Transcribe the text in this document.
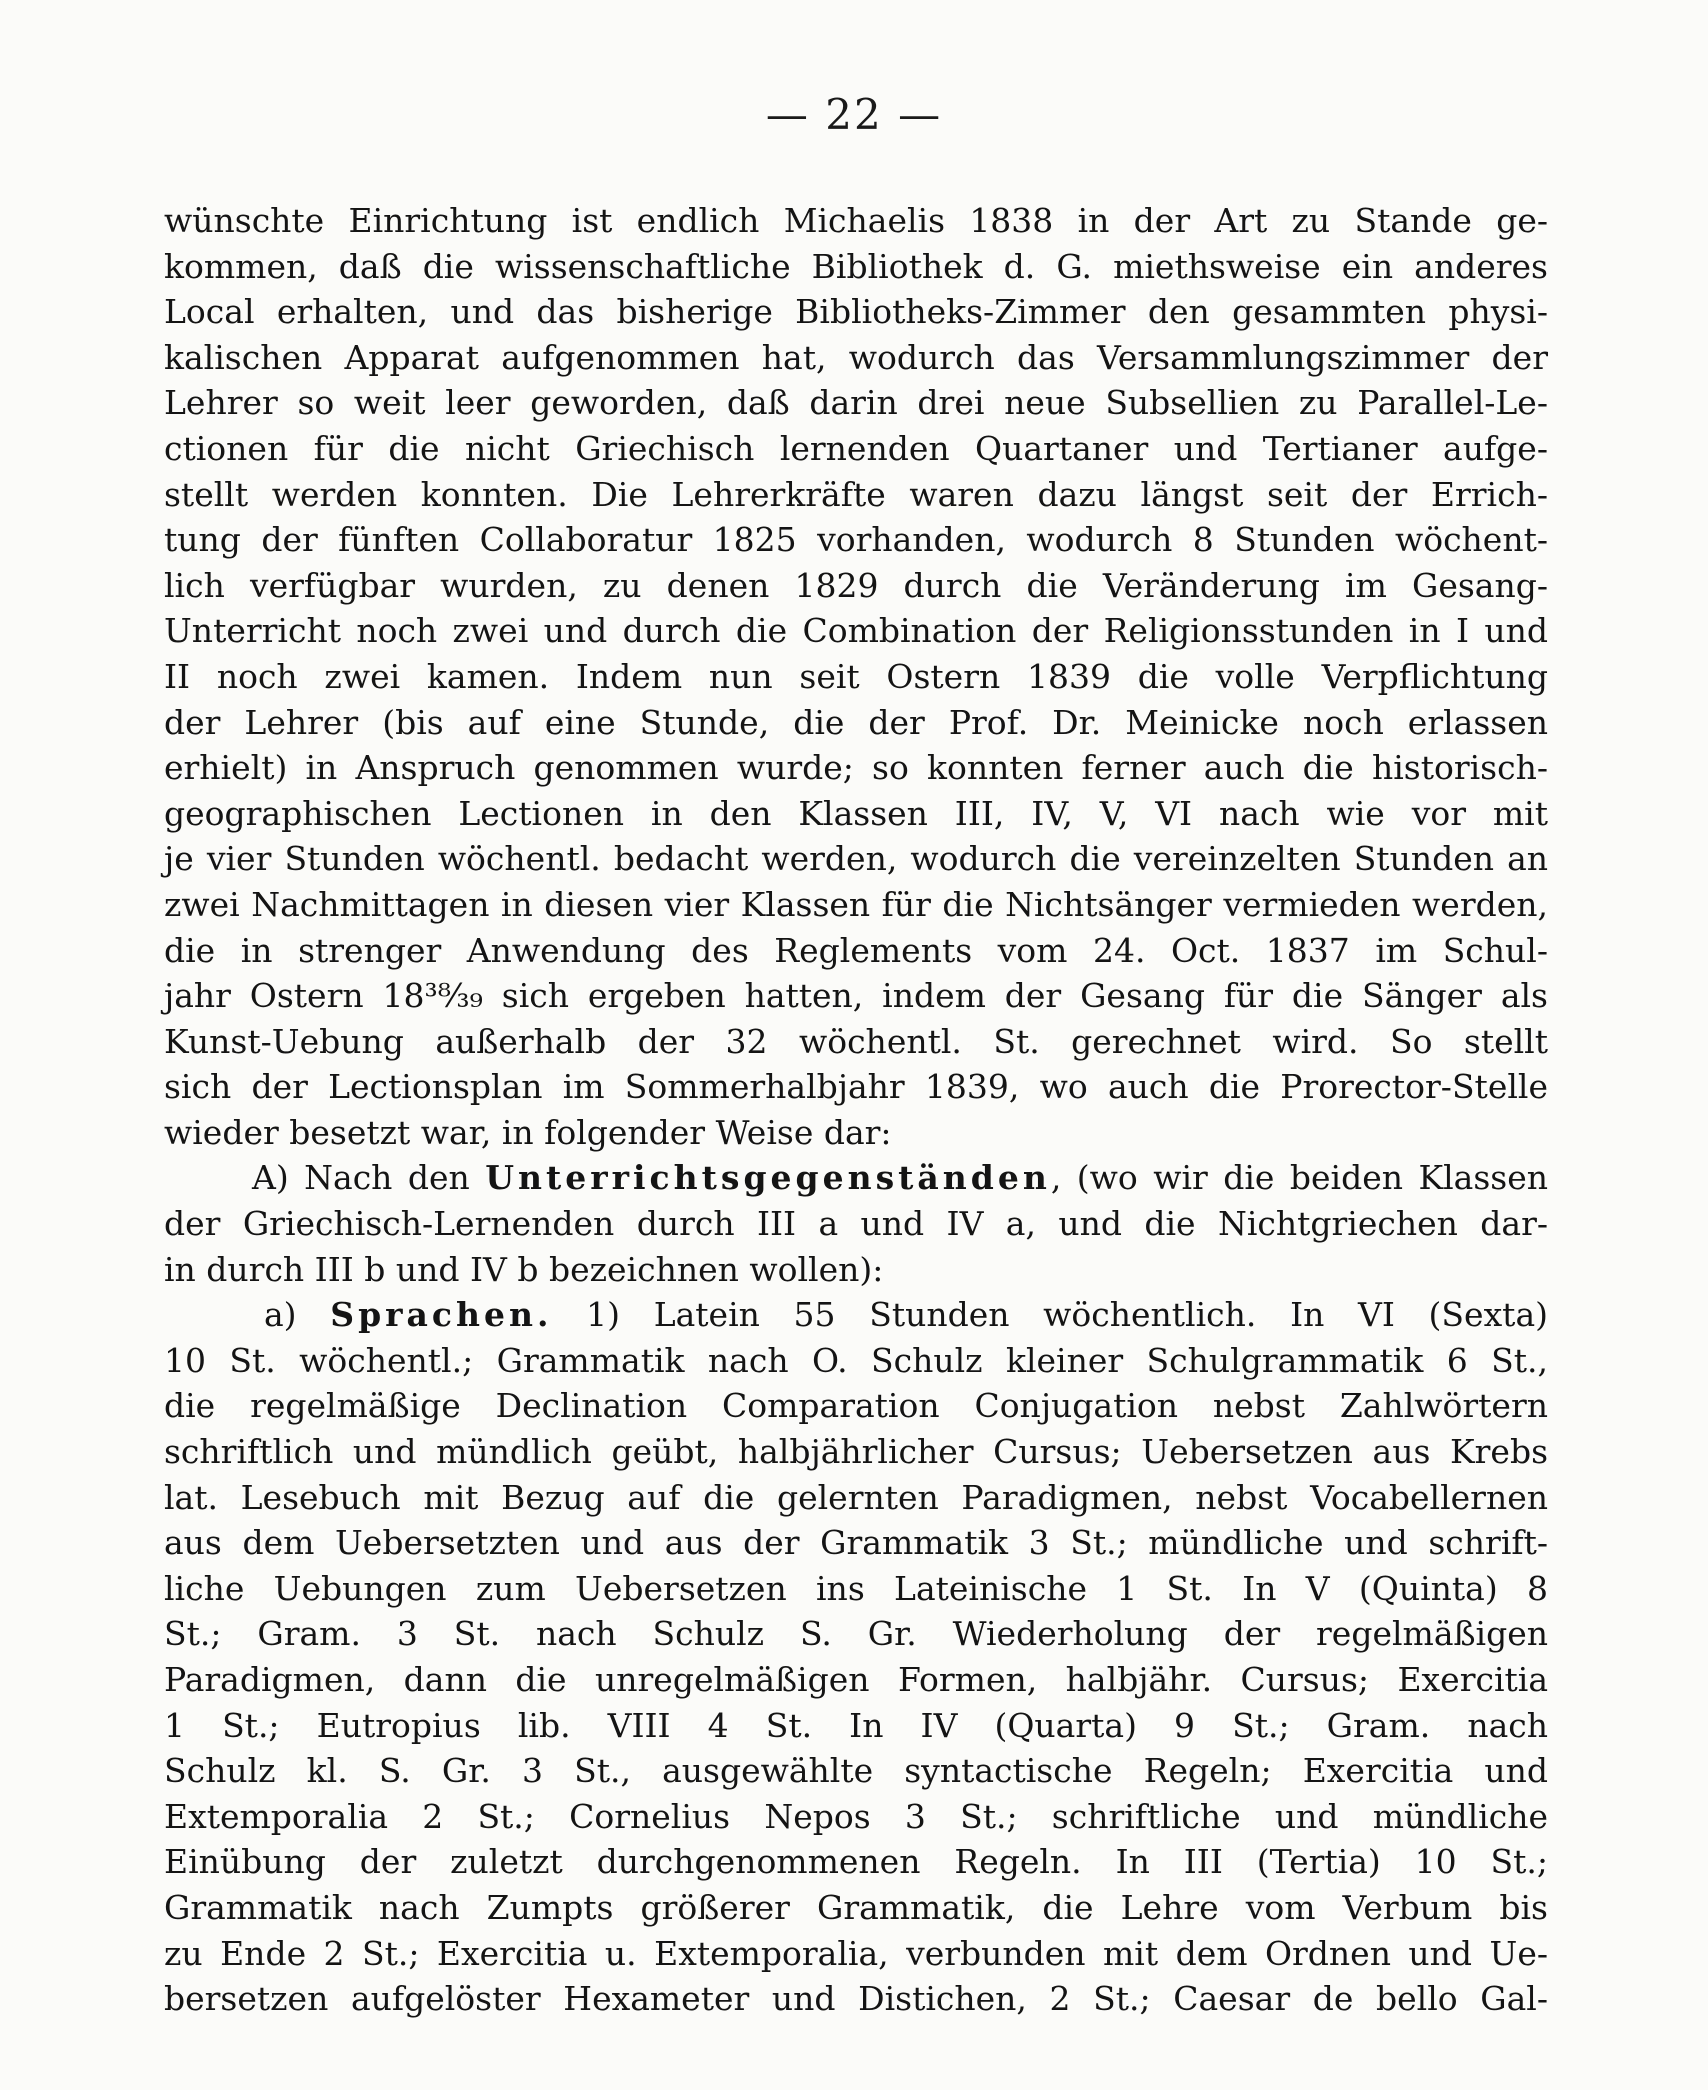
— 22 —
wünschte Einrichtung ist endlich Michaelis 1838 in der Art zu Stande ge-
kommen, daß die wissenschaftliche Bibliothek d. G. miethsweise ein anderes
Local erhalten, und das bisherige Bibliotheks-Zimmer den gesammten physi-
kalischen Apparat aufgenommen hat, wodurch das Versammlungszimmer der
Lehrer so weit leer geworden, daß darin drei neue Subsellien zu Parallel-Le-
ctionen für die nicht Griechisch lernenden Quartaner und Tertianer aufge-
stellt werden konnten. Die Lehrerkräfte waren dazu längst seit der Errich-
tung der fünften Collaboratur 1825 vorhanden, wodurch 8 Stunden wöchent-
lich verfügbar wurden, zu denen 1829 durch die Veränderung im Gesang-
Unterricht noch zwei und durch die Combination der Religionsstunden in I und
II noch zwei kamen. Indem nun seit Ostern 1839 die volle Verpflichtung
der Lehrer (bis auf eine Stunde, die der Prof. Dr. Meinicke noch erlassen
erhielt) in Anspruch genommen wurde; so konnten ferner auch die historisch-
geographischen Lectionen in den Klassen III, IV, V, VI nach wie vor mit
je vier Stunden wöchentl. bedacht werden, wodurch die vereinzelten Stunden an
zwei Nachmittagen in diesen vier Klassen für die Nichtsänger vermieden werden,
die in strenger Anwendung des Reglements vom 24. Oct. 1837 im Schul-
jahr Ostern 18³⁸⁄₃₉ sich ergeben hatten, indem der Gesang für die Sänger als
Kunst-Uebung außerhalb der 32 wöchentl. St. gerechnet wird. So stellt
sich der Lectionsplan im Sommerhalbjahr 1839, wo auch die Prorector-Stelle
wieder besetzt war, in folgender Weise dar:
A) Nach den Unterrichtsgegenständen, (wo wir die beiden Klassen
der Griechisch-Lernenden durch III a und IV a, und die Nichtgriechen dar-
in durch III b und IV b bezeichnen wollen):
a) Sprachen. 1) Latein 55 Stunden wöchentlich. In VI (Sexta)
10 St. wöchentl.; Grammatik nach O. Schulz kleiner Schulgrammatik 6 St.,
die regelmäßige Declination Comparation Conjugation nebst Zahlwörtern
schriftlich und mündlich geübt, halbjährlicher Cursus; Uebersetzen aus Krebs
lat. Lesebuch mit Bezug auf die gelernten Paradigmen, nebst Vocabellernen
aus dem Uebersetzten und aus der Grammatik 3 St.; mündliche und schrift-
liche Uebungen zum Uebersetzen ins Lateinische 1 St. In V (Quinta) 8
St.; Gram. 3 St. nach Schulz S. Gr. Wiederholung der regelmäßigen
Paradigmen, dann die unregelmäßigen Formen, halbjähr. Cursus; Exercitia
1 St.; Eutropius lib. VIII 4 St. In IV (Quarta) 9 St.; Gram. nach
Schulz kl. S. Gr. 3 St., ausgewählte syntactische Regeln; Exercitia und
Extemporalia 2 St.; Cornelius Nepos 3 St.; schriftliche und mündliche
Einübung der zuletzt durchgenommenen Regeln. In III (Tertia) 10 St.;
Grammatik nach Zumpts größerer Grammatik, die Lehre vom Verbum bis
zu Ende 2 St.; Exercitia u. Extemporalia, verbunden mit dem Ordnen und Ue-
bersetzen aufgelöster Hexameter und Distichen, 2 St.; Caesar de bello Gal-
